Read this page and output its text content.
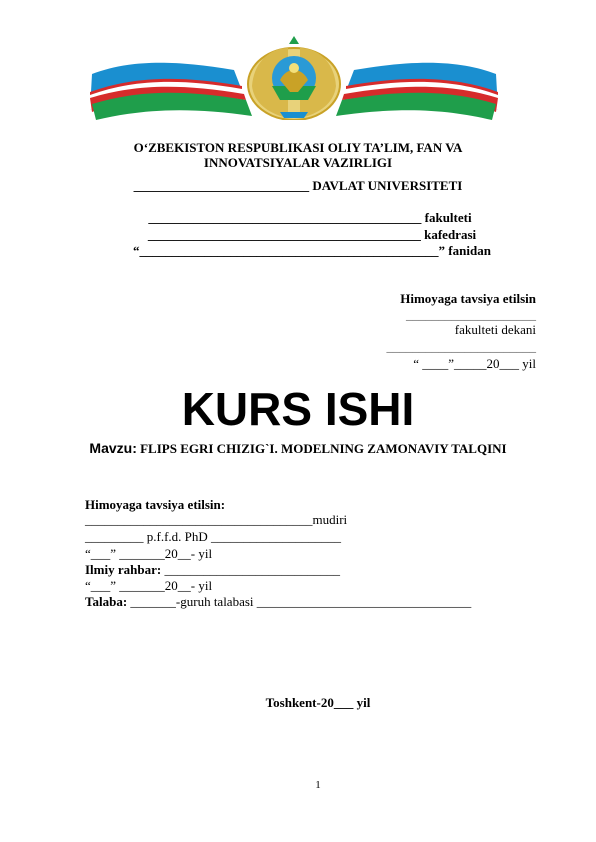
O‘ZBEKISTON RESPUBLIKASI OLIY TA’LIM, FAN VA
INNOVATSIYALAR VAZIRLIGI
___________________________ DAVLAT UNIVERSITETI
__________________________________________ fakulteti
__________________________________________ kafedrasi
“______________________________________________” fanidan
Himoyaga tavsiya etilsin
____________________
fakulteti dekani
_______________________
“ ____”_____20___ yil
KURS ISHI
Mavzu: FLIPS EGRI CHIZIG`I. MODELNING ZAMONAVIY TALQINI
Himoyaga tavsiya etilsin:
___________________________________mudiri
_________ p.f.f.d. PhD ____________________
“___” _______20__- yil
Ilmiy rahbar: ___________________________
“___” _______20__- yil
Talaba: _______-guruh talabasi _________________________________
Toshkent-20___ yil
1
